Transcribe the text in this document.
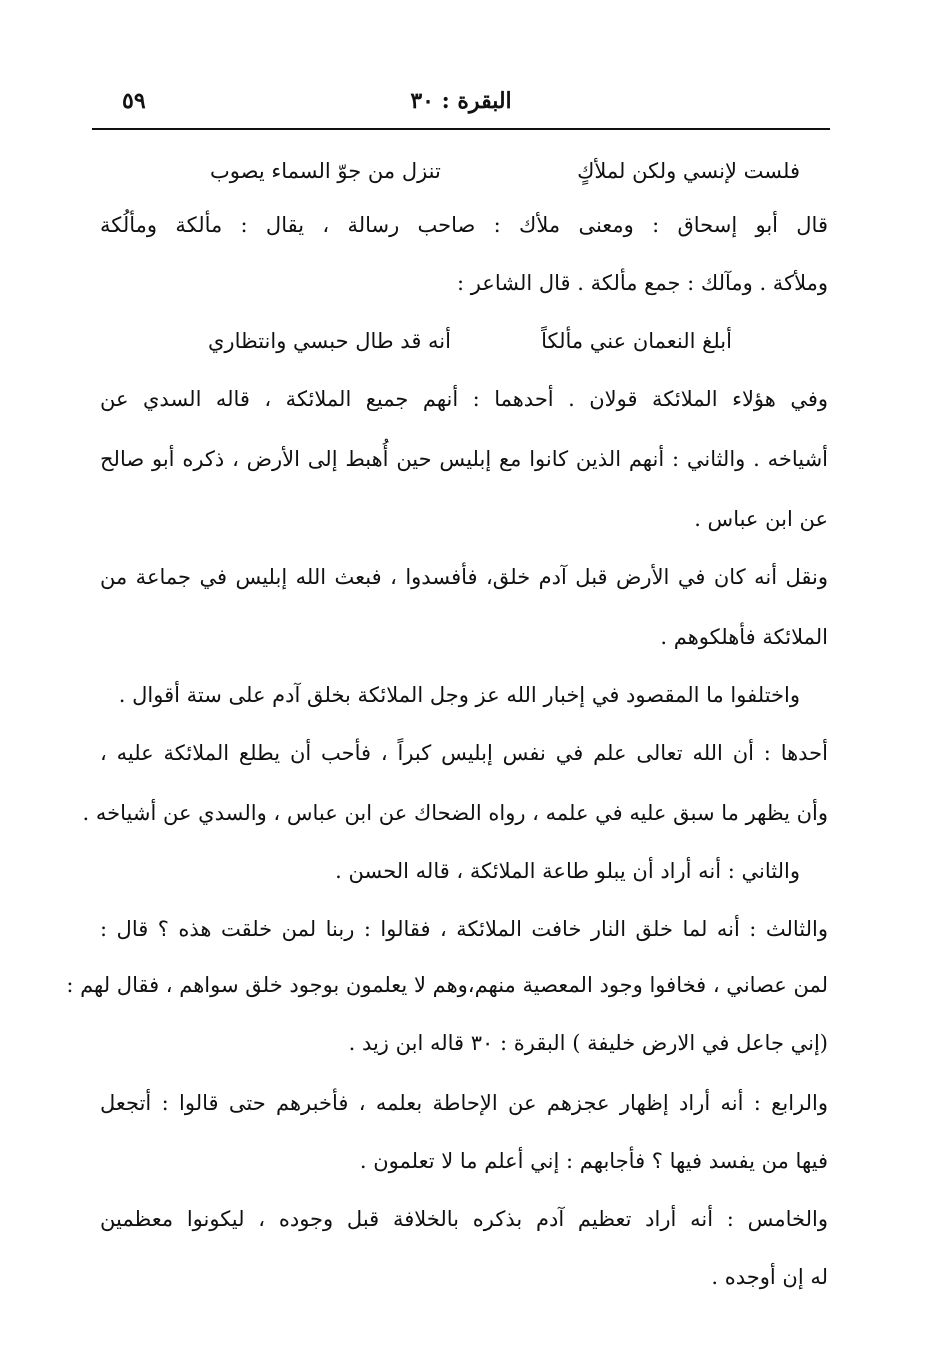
٥٩	البقرة : ٣٠
فلست لإنسي ولكن لملأكٍ
تنزل من جوّ السماء يصوب
قال أبو إسحاق : ومعنى ملأك : صاحب رسالة ، يقال : مألكة ومألُكة
وملأكة . ومآلك : جمع مألكة . قال الشاعر :
أبلغ النعمان عني مألكاً
أنه قد طال حبسي وانتظاري
وفي هؤلاء الملائكة قولان . أحدهما : أنهم جميع الملائكة ، قاله السدي عن
أشياخه . والثاني : أنهم الذين كانوا مع إبليس حين أُهبط إلى الأرض ، ذكره أبو صالح
عن ابن عباس .
ونقل أنه كان في الأرض قبل آدم خلق، فأفسدوا ، فبعث الله إبليس في جماعة من
الملائكة فأهلكوهم .
واختلفوا ما المقصود في إخبار الله عز وجل الملائكة بخلق آدم على ستة أقوال .
أحدها : أن الله تعالى علم في نفس إبليس كبراً ، فأحب أن يطلع الملائكة عليه ،
وأن يظهر ما سبق عليه في علمه ، رواه الضحاك عن ابن عباس ، والسدي عن أشياخه .
والثاني : أنه أراد أن يبلو طاعة الملائكة ، قاله الحسن .
والثالث : أنه لما خلق النار خافت الملائكة ، فقالوا : ربنا لمن خلقت هذه ؟ قال :
لمن عصاني ، فخافوا وجود المعصية منهم،وهم لا يعلمون بوجود خلق سواهم ، فقال لهم :
(إني جاعل في الارض خليفة ) البقرة : ٣٠ قاله ابن زيد .
والرابع : أنه أراد إظهار عجزهم عن الإحاطة بعلمه ، فأخبرهم حتى قالوا : أتجعل
فيها من يفسد فيها ؟ فأجابهم : إني أعلم ما لا تعلمون .
والخامس : أنه أراد تعظيم آدم بذكره بالخلافة قبل وجوده ، ليكونوا معظمين
له إن أوجده .
